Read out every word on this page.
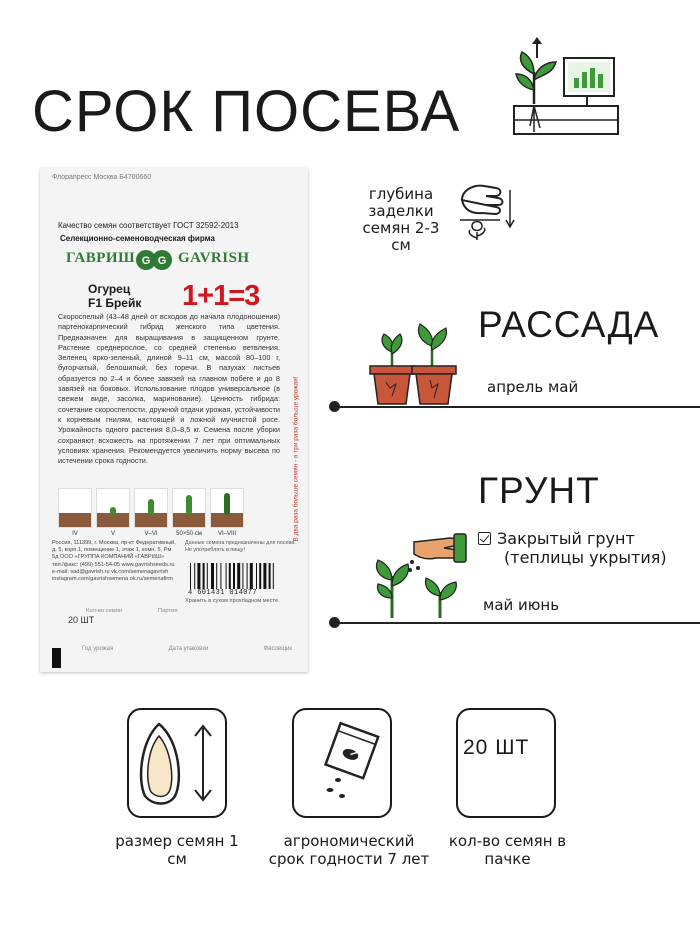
СРОК ПОСЕВА
Флорапресс Москва Б4700660
Качество семян соответствует ГОСТ 32592-2013
Селекционно-семеноводческая фирма
ГАВРИШ G G GAVRISH
Огурец
F1 Брейк 1+1=3
Скороспелый (43–48 дней от всходов до начала плодоношения) партенокарпический гибрид женского типа цветения. Предназначен для выращивания в защищенном грунте. Растение среднерослое, со средней степенью ветвления. Зеленец ярко-зеленый, длиной 9–11 см, массой 80–100 г, бугорчатый, белошипый, без горечи. В пазухах листьев образуется по 2–4 и более завязей на главном побеге и до 8 завязей на боковых. Использование плодов универсальное (в свежем виде, засолка, маринование). Ценность гибрида: сочетание скороспелости, дружной отдачи урожая, устойчивости к корневым гнилям, настоящей и ложной мучнистой росе. Урожайность одного растения 8,0–8,5 кг. Семена после уборки сохраняют всхожесть на протяжении 7 лет при оптимальных условиях хранения. Рекомендуется увеличить норму высева по истечении срока годности.	В два раза больше семян - в три раза больше урожая!
IV	V	V–VI	50×50 см	VI–VIII
Россия, 111399, г. Москва, пр-кт Федеративный, д. 5, корп.1, помещение 1, этаж 1, комн. 5, Рм 5д ООО «ГРУППА КОМПАНИЙ «ГАВРИШ» тел./факс: (499) 551-54-05 www.gavrishseeds.ru e-mail: sad@gavrish.ru vk.com/semenagavrish instagram.com/gavrishsemena ok.ru/semenafirm
Данные семена предназначены для посева. Не употреблять в пищу!
4 601431 014077
Хранить в сухом прохладном месте.
Кол-во семян	Партия
20 ШТ
Год урожая	Дата упаковки	Фасовщик
глубина заделки семян 2-3 см
РАССАДА
апрель май
ГРУНТ
Закрытый грунт
(теплицы укрытия)
май июнь
размер семян 1 см
агрономический срок годности 7 лет
20 ШТ
кол-во семян в пачке
